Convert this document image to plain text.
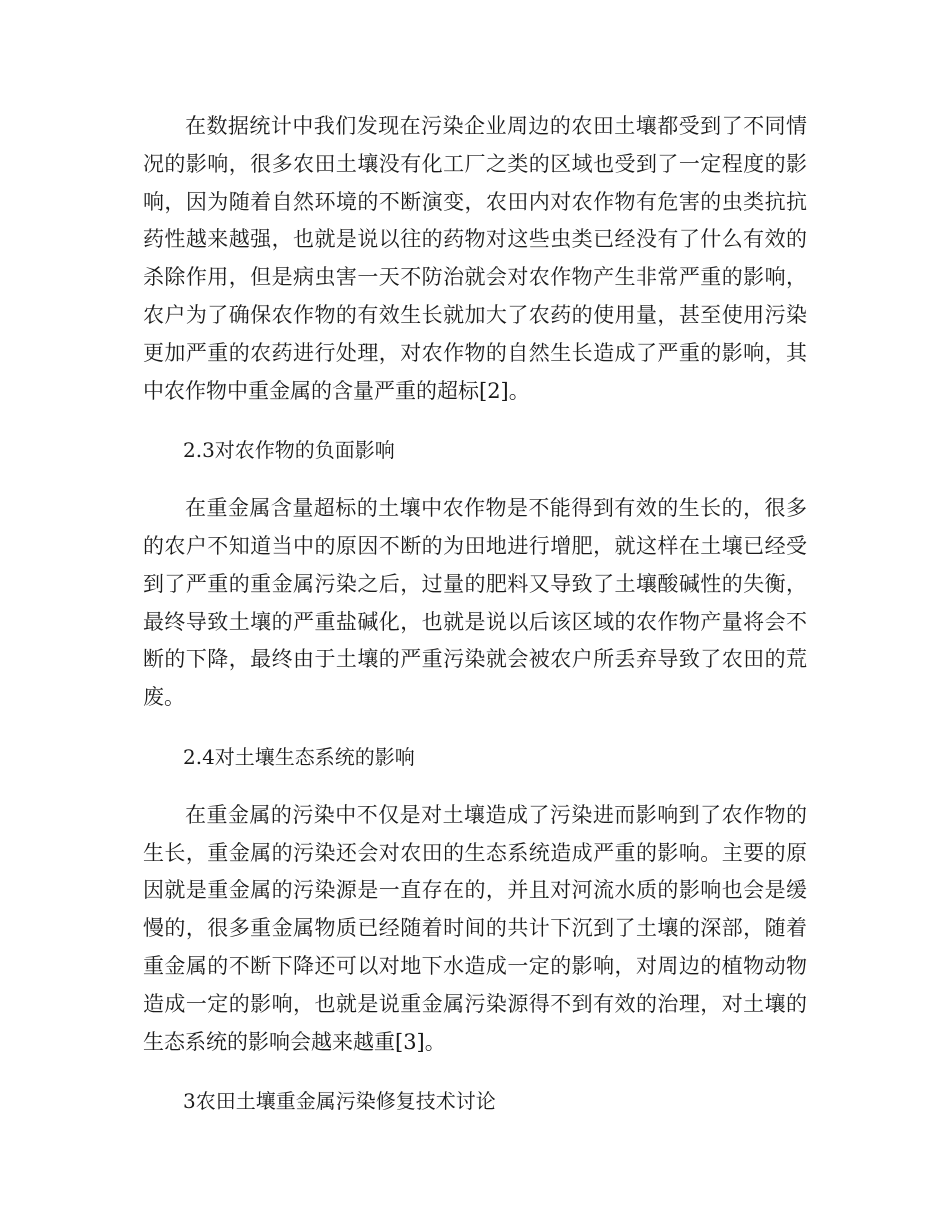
在数据统计中我们发现在污染企业周边的农田土壤都受到了不同情况的影响，很多农田土壤没有化工厂之类的区域也受到了一定程度的影响，因为随着自然环境的不断演变，农田内对农作物有危害的虫类抗抗药性越来越强，也就是说以往的药物对这些虫类已经没有了什么有效的杀除作用，但是病虫害一天不防治就会对农作物产生非常严重的影响，农户为了确保农作物的有效生长就加大了农药的使用量，甚至使用污染更加严重的农药进行处理，对农作物的自然生长造成了严重的影响，其中农作物中重金属的含量严重的超标[2]。

2.3对农作物的负面影响

在重金属含量超标的土壤中农作物是不能得到有效的生长的，很多的农户不知道当中的原因不断的为田地进行增肥，就这样在土壤已经受到了严重的重金属污染之后，过量的肥料又导致了土壤酸碱性的失衡，最终导致土壤的严重盐碱化，也就是说以后该区域的农作物产量将会不断的下降，最终由于土壤的严重污染就会被农户所丢弃导致了农田的荒废。

2.4对土壤生态系统的影响

在重金属的污染中不仅是对土壤造成了污染进而影响到了农作物的生长，重金属的污染还会对农田的生态系统造成严重的影响。主要的原因就是重金属的污染源是一直存在的，并且对河流水质的影响也会是缓慢的，很多重金属物质已经随着时间的共计下沉到了土壤的深部，随着重金属的不断下降还可以对地下水造成一定的影响，对周边的植物动物造成一定的影响，也就是说重金属污染源得不到有效的治理，对土壤的生态系统的影响会越来越重[3]。

3农田土壤重金属污染修复技术讨论
